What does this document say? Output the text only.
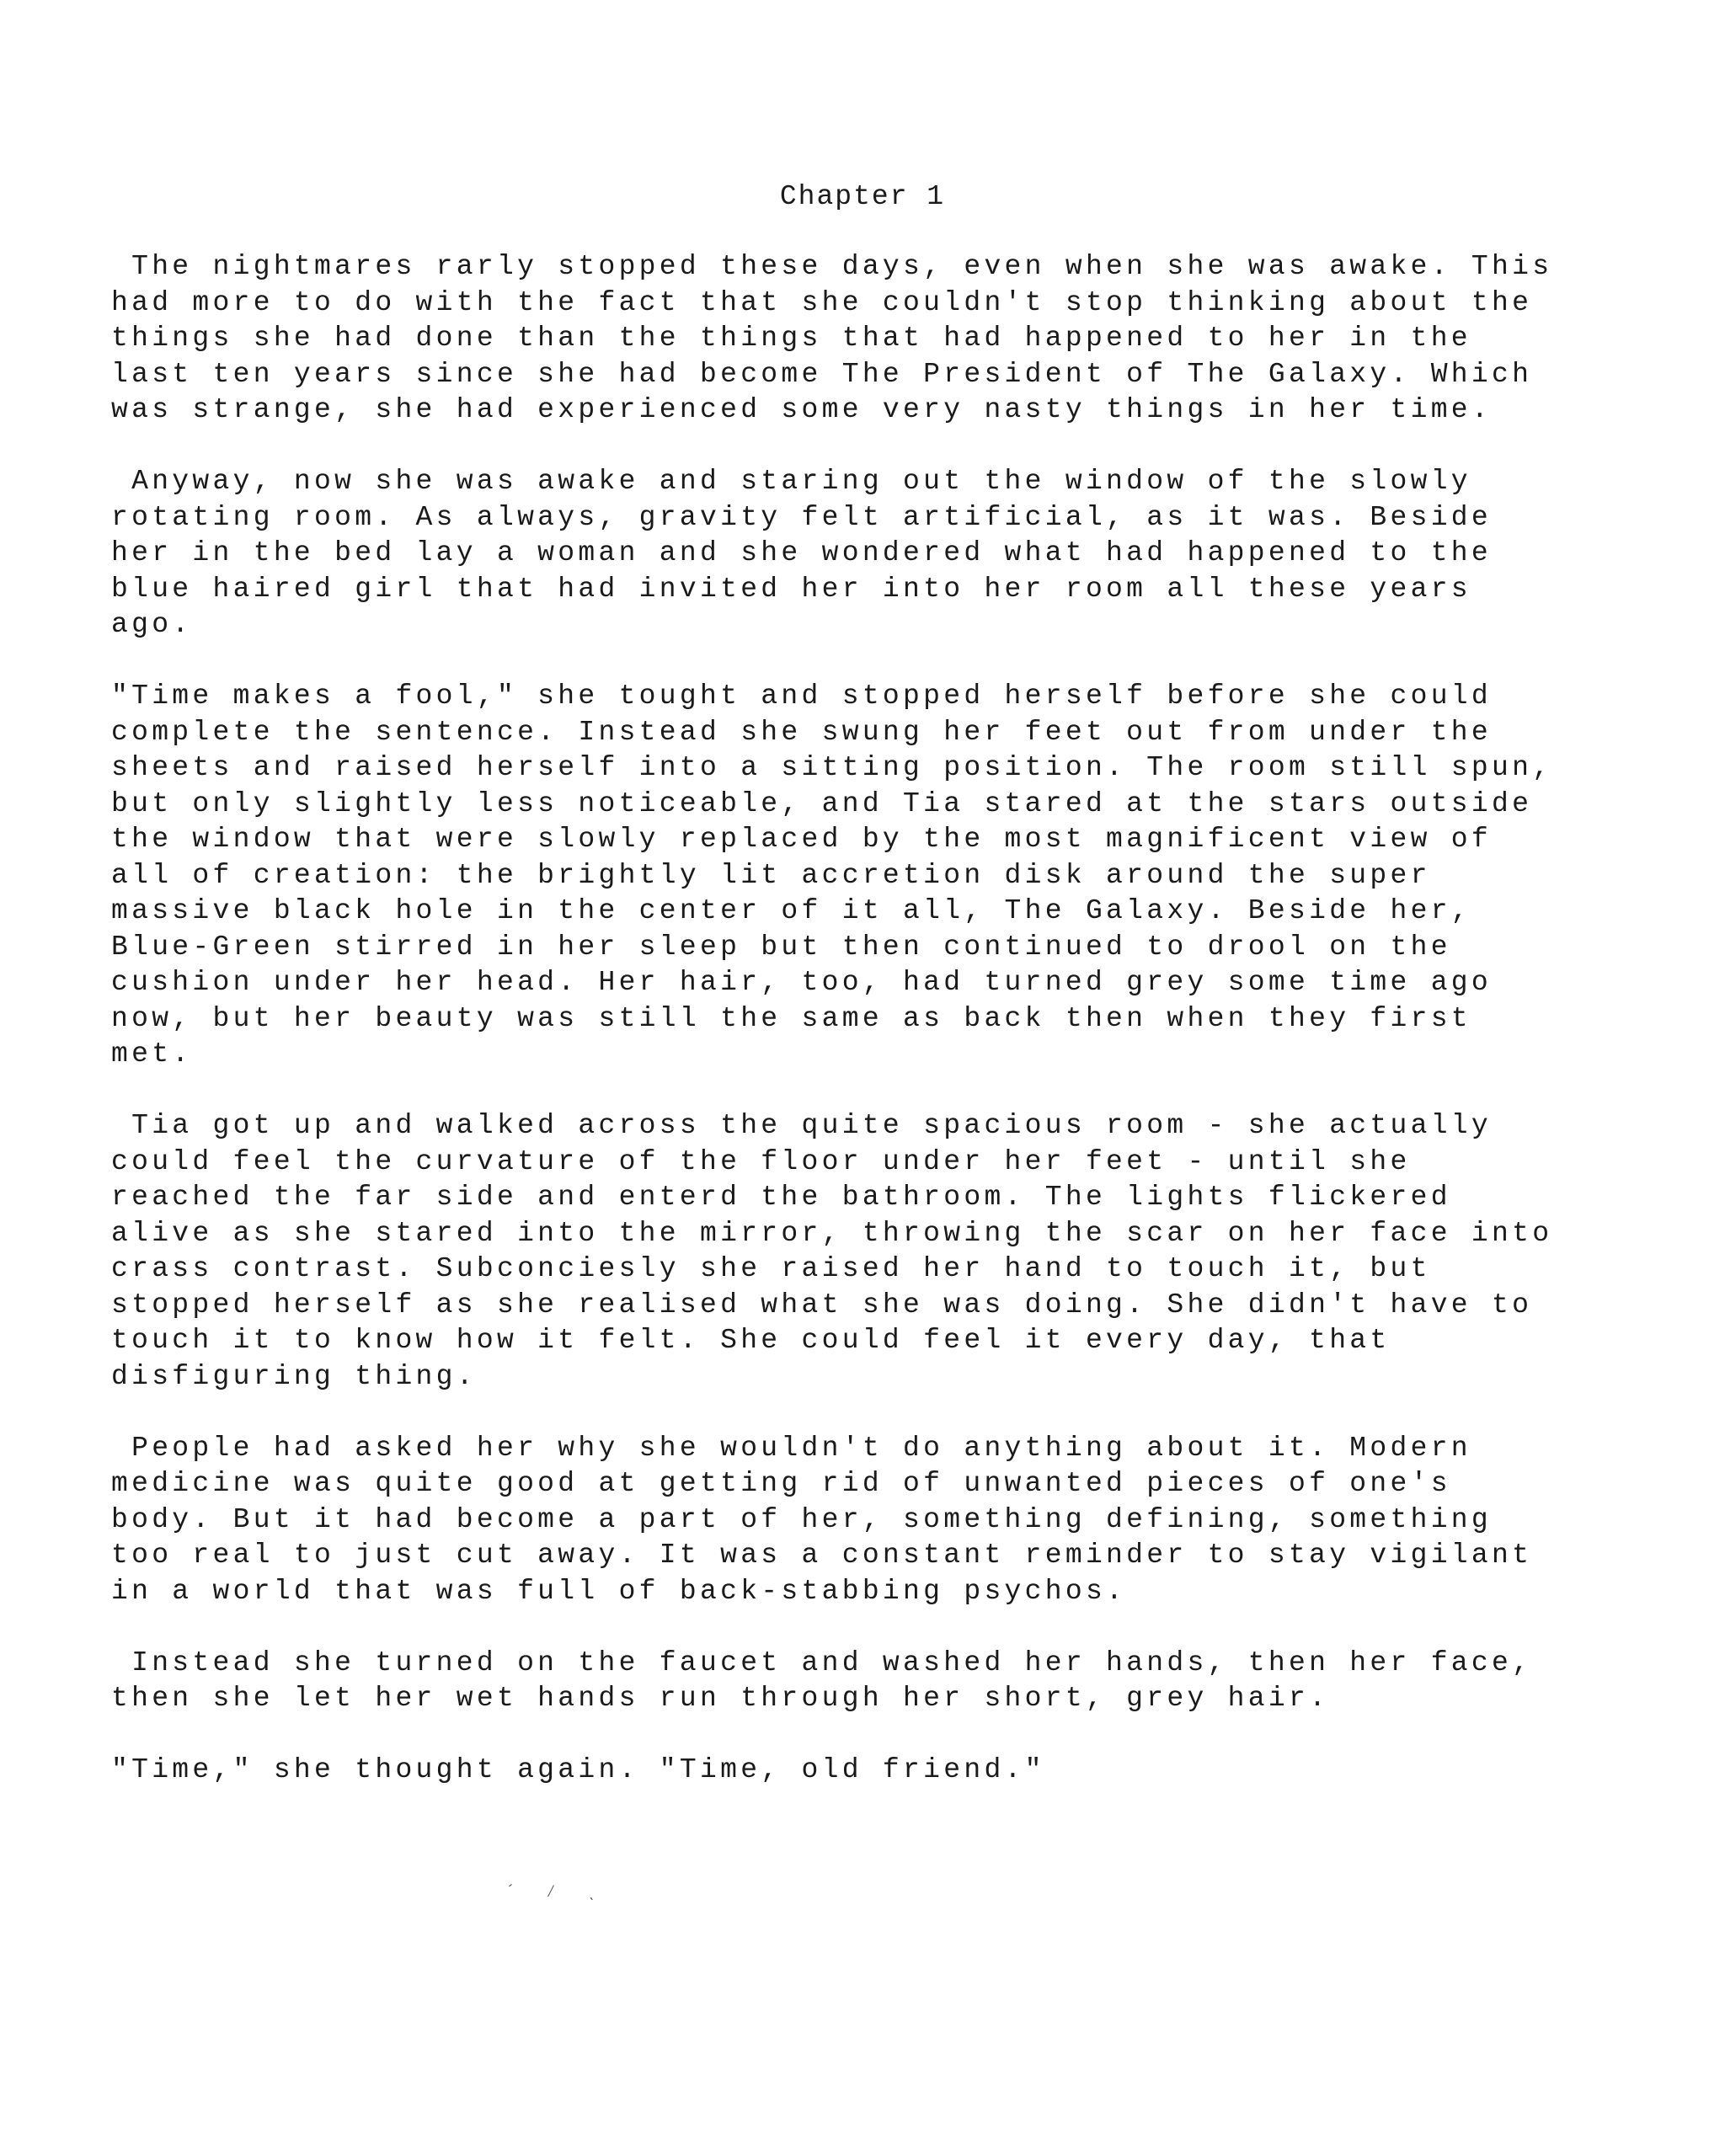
Chapter 1
The nightmares rarly stopped these days, even when she was awake. This
had more to do with the fact that she couldn't stop thinking about the
things she had done than the things that had happened to her in the
last ten years since she had become The President of The Galaxy. Which
was strange, she had experienced some very nasty things in her time.
Anyway, now she was awake and staring out the window of the slowly
rotating room. As always, gravity felt artificial, as it was. Beside
her in the bed lay a woman and she wondered what had happened to the
blue haired girl that had invited her into her room all these years
ago.
"Time makes a fool," she tought and stopped herself before she could
complete the sentence. Instead she swung her feet out from under the
sheets and raised herself into a sitting position. The room still spun,
but only slightly less noticeable, and Tia stared at the stars outside
the window that were slowly replaced by the most magnificent view of
all of creation: the brightly lit accretion disk around the super
massive black hole in the center of it all, The Galaxy. Beside her,
Blue-Green stirred in her sleep but then continued to drool on the
cushion under her head. Her hair, too, had turned grey some time ago
now, but her beauty was still the same as back then when they first
met.
Tia got up and walked across the quite spacious room - she actually
could feel the curvature of the floor under her feet - until she
reached the far side and enterd the bathroom. The lights flickered
alive as she stared into the mirror, throwing the scar on her face into
crass contrast. Subconciesly she raised her hand to touch it, but
stopped herself as she realised what she was doing. She didn't have to
touch it to know how it felt. She could feel it every day, that
disfiguring thing.
People had asked her why she wouldn't do anything about it. Modern
medicine was quite good at getting rid of unwanted pieces of one's
body. But it had become a part of her, something defining, something
too real to just cut away. It was a constant reminder to stay vigilant
in a world that was full of back-stabbing psychos.
Instead she turned on the faucet and washed her hands, then her face,
then she let her wet hands run through her short, grey hair.
"Time," she thought again. "Time, old friend."
´ ⁄ ˎ
